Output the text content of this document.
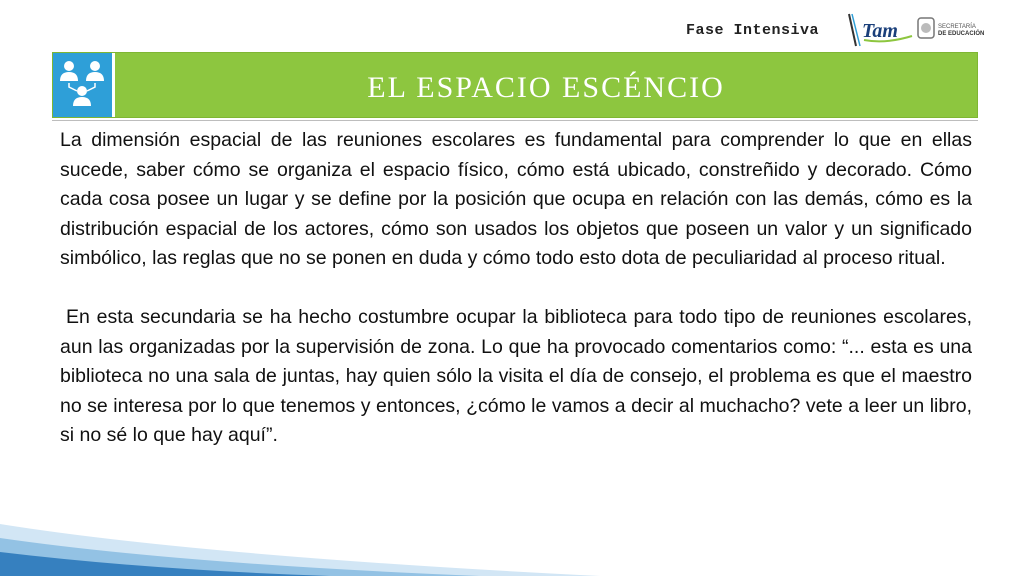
Fase Intensiva Tam	SECRETARÍA
DE EDUCACIÓN
EL ESPACIO ESCÉNCIO

La dimensión espacial de las reuniones escolares es fundamental para comprender lo que en ellas sucede, saber cómo se organiza el espacio físico, cómo está ubicado, constreñido y decorado. Cómo cada cosa posee un lugar y se define por la posición que ocupa en relación con las demás, cómo es la distribución espacial de los actores, cómo son usados los objetos que poseen un valor y un significado simbólico, las reglas que no se ponen en duda y cómo todo esto dota de peculiaridad al proceso ritual.

En esta secundaria se ha hecho costumbre ocupar la biblioteca para todo tipo de reuniones escolares, aun las organizadas por la supervisión de zona. Lo que ha provocado comentarios como: “... esta es una biblioteca no una sala de juntas, hay quien sólo la visita el día de consejo, el problema es que el maestro no se interesa por lo que tenemos y entonces, ¿cómo le vamos a decir al muchacho? vete a leer un libro, si no sé lo que hay aquí”.
